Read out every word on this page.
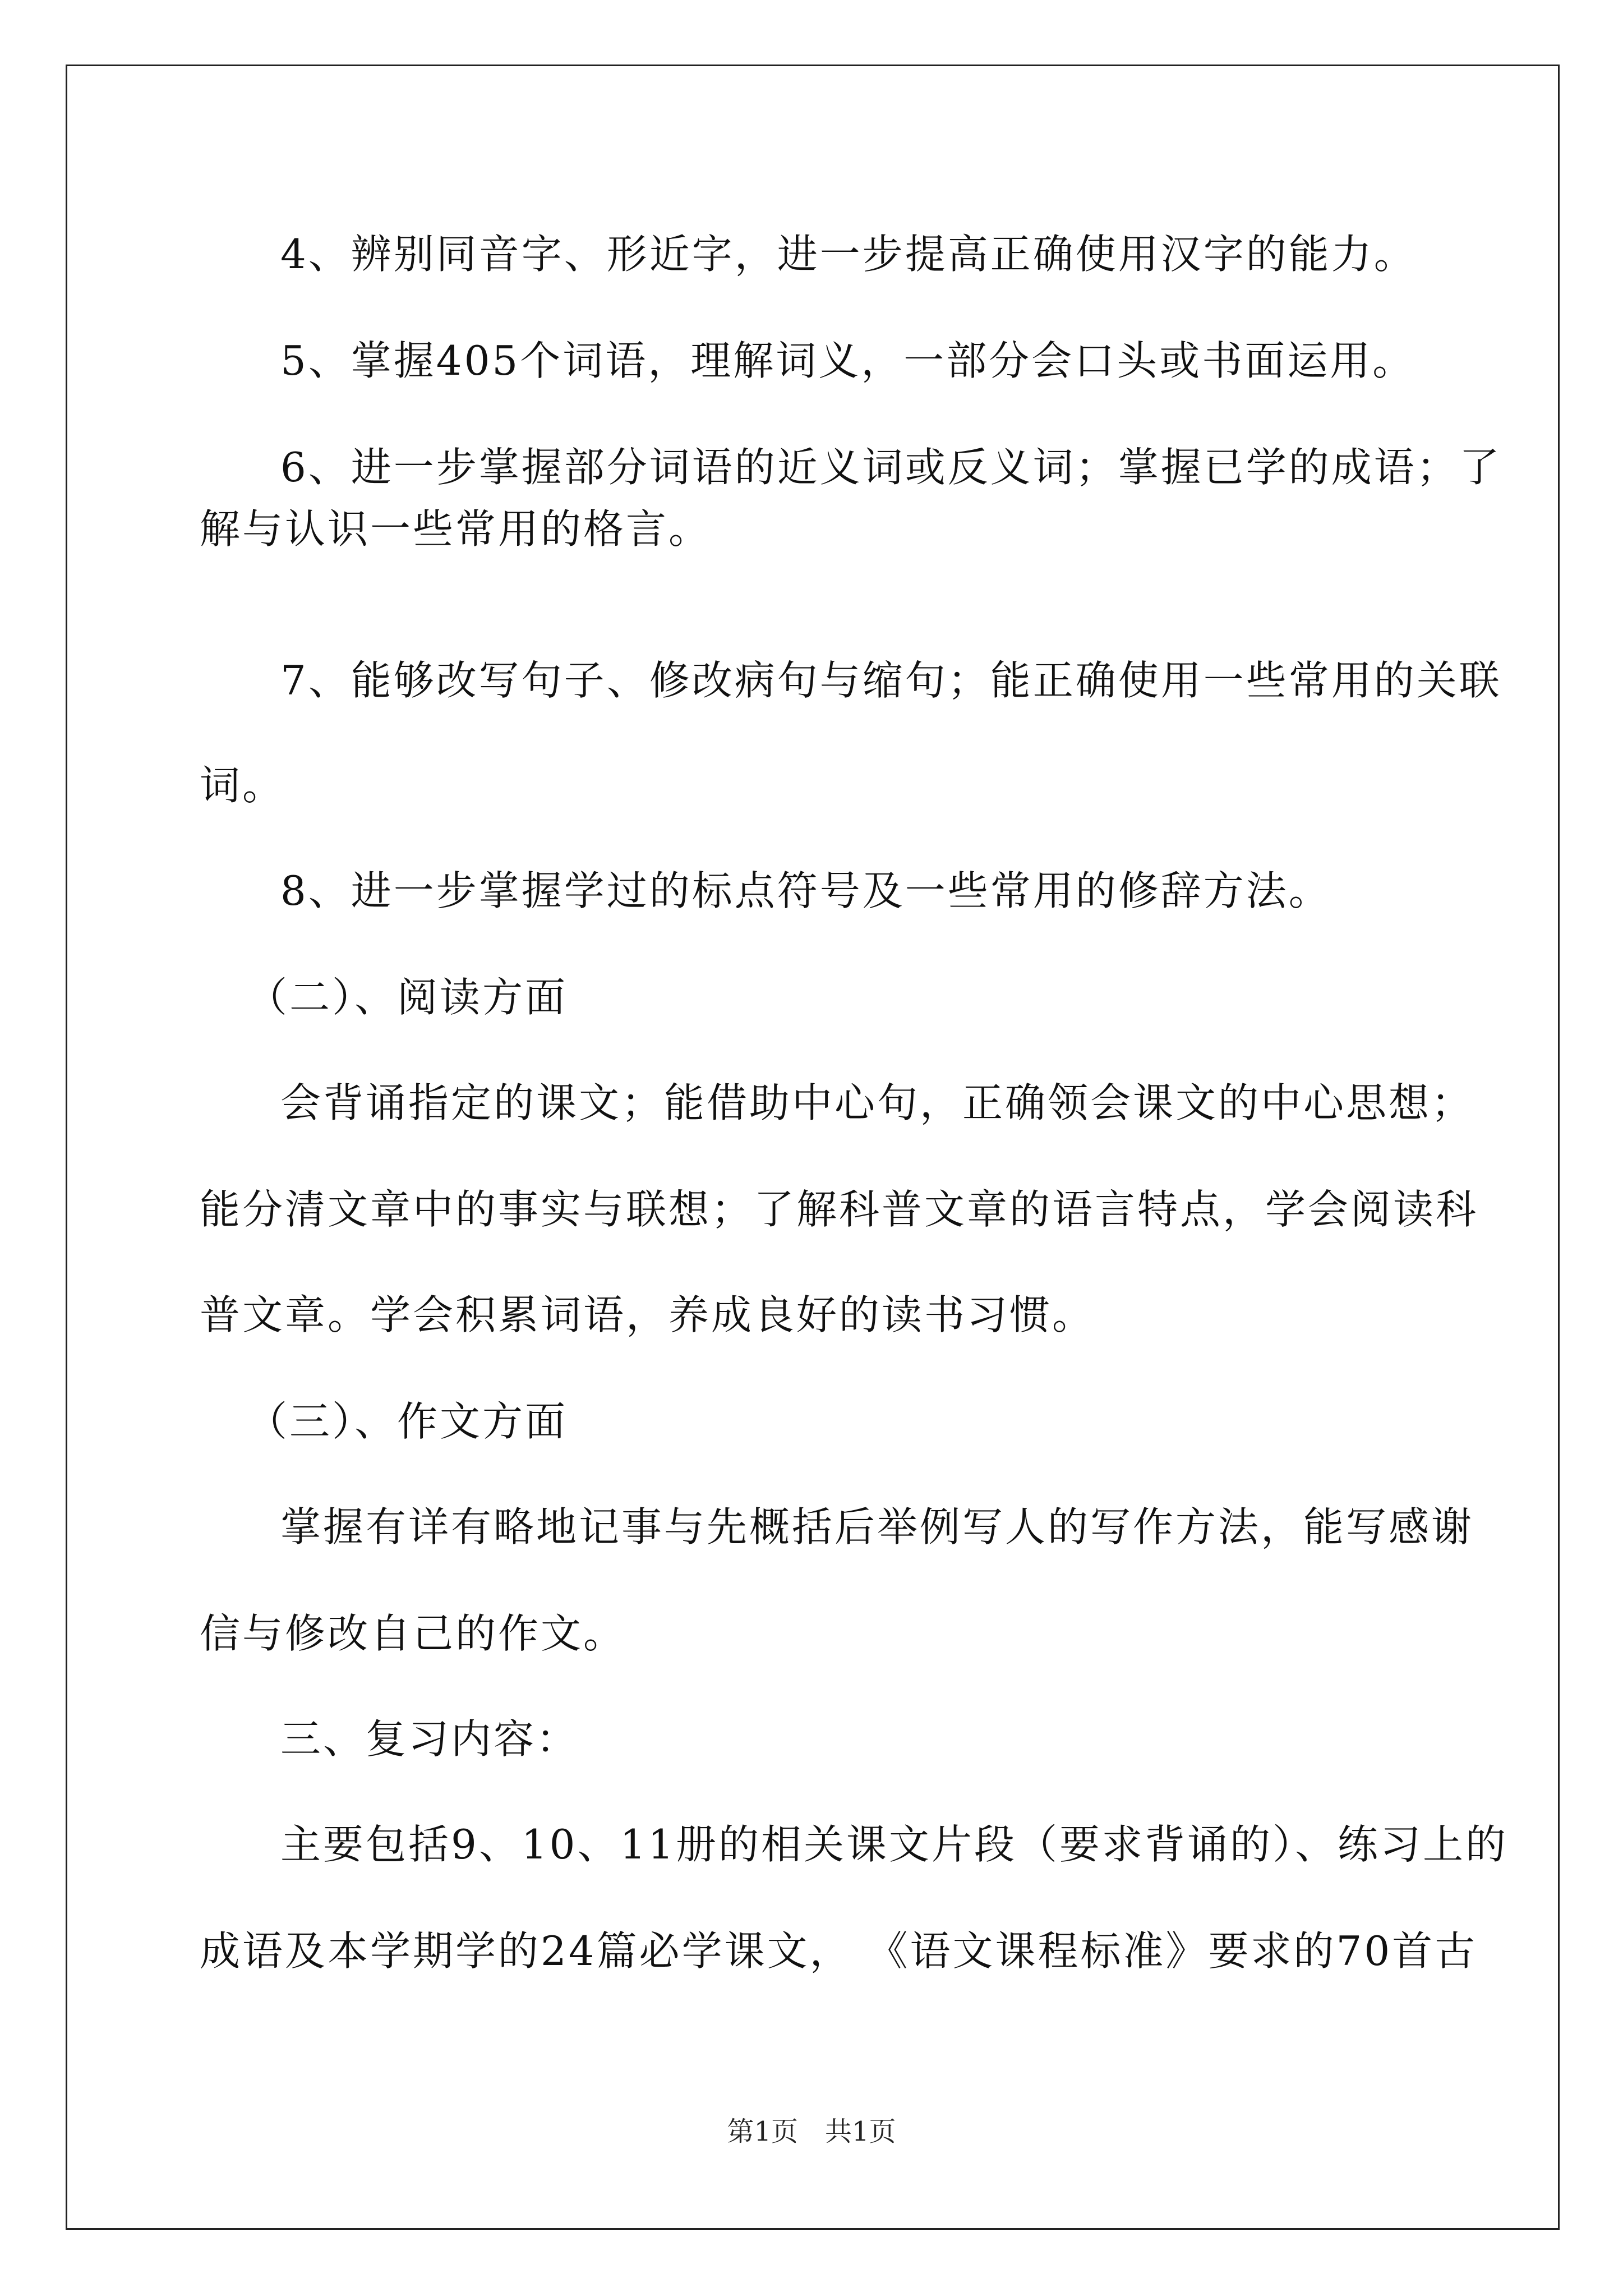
4、辨别同音字、形近字，进一步提高正确使用汉字的能力。
5、掌握405个词语，理解词义，一部分会口头或书面运用。
6、进一步掌握部分词语的近义词或反义词；掌握已学的成语；了
解与认识一些常用的格言。
7、能够改写句子、修改病句与缩句；能正确使用一些常用的关联
词。
8、进一步掌握学过的标点符号及一些常用的修辞方法。
（二）、阅读方面
会背诵指定的课文；能借助中心句，正确领会课文的中心思想；
能分清文章中的事实与联想；了解科普文章的语言特点，学会阅读科
普文章。学会积累词语，养成良好的读书习惯。
（三）、作文方面
掌握有详有略地记事与先概括后举例写人的写作方法，能写感谢
信与修改自己的作文。
三、复习内容：
主要包括9、10、11册的相关课文片段（要求背诵的）、练习上的
成语及本学期学的24篇必学课文， 《语文课程标准》要求的70首古
第1页　共1页
